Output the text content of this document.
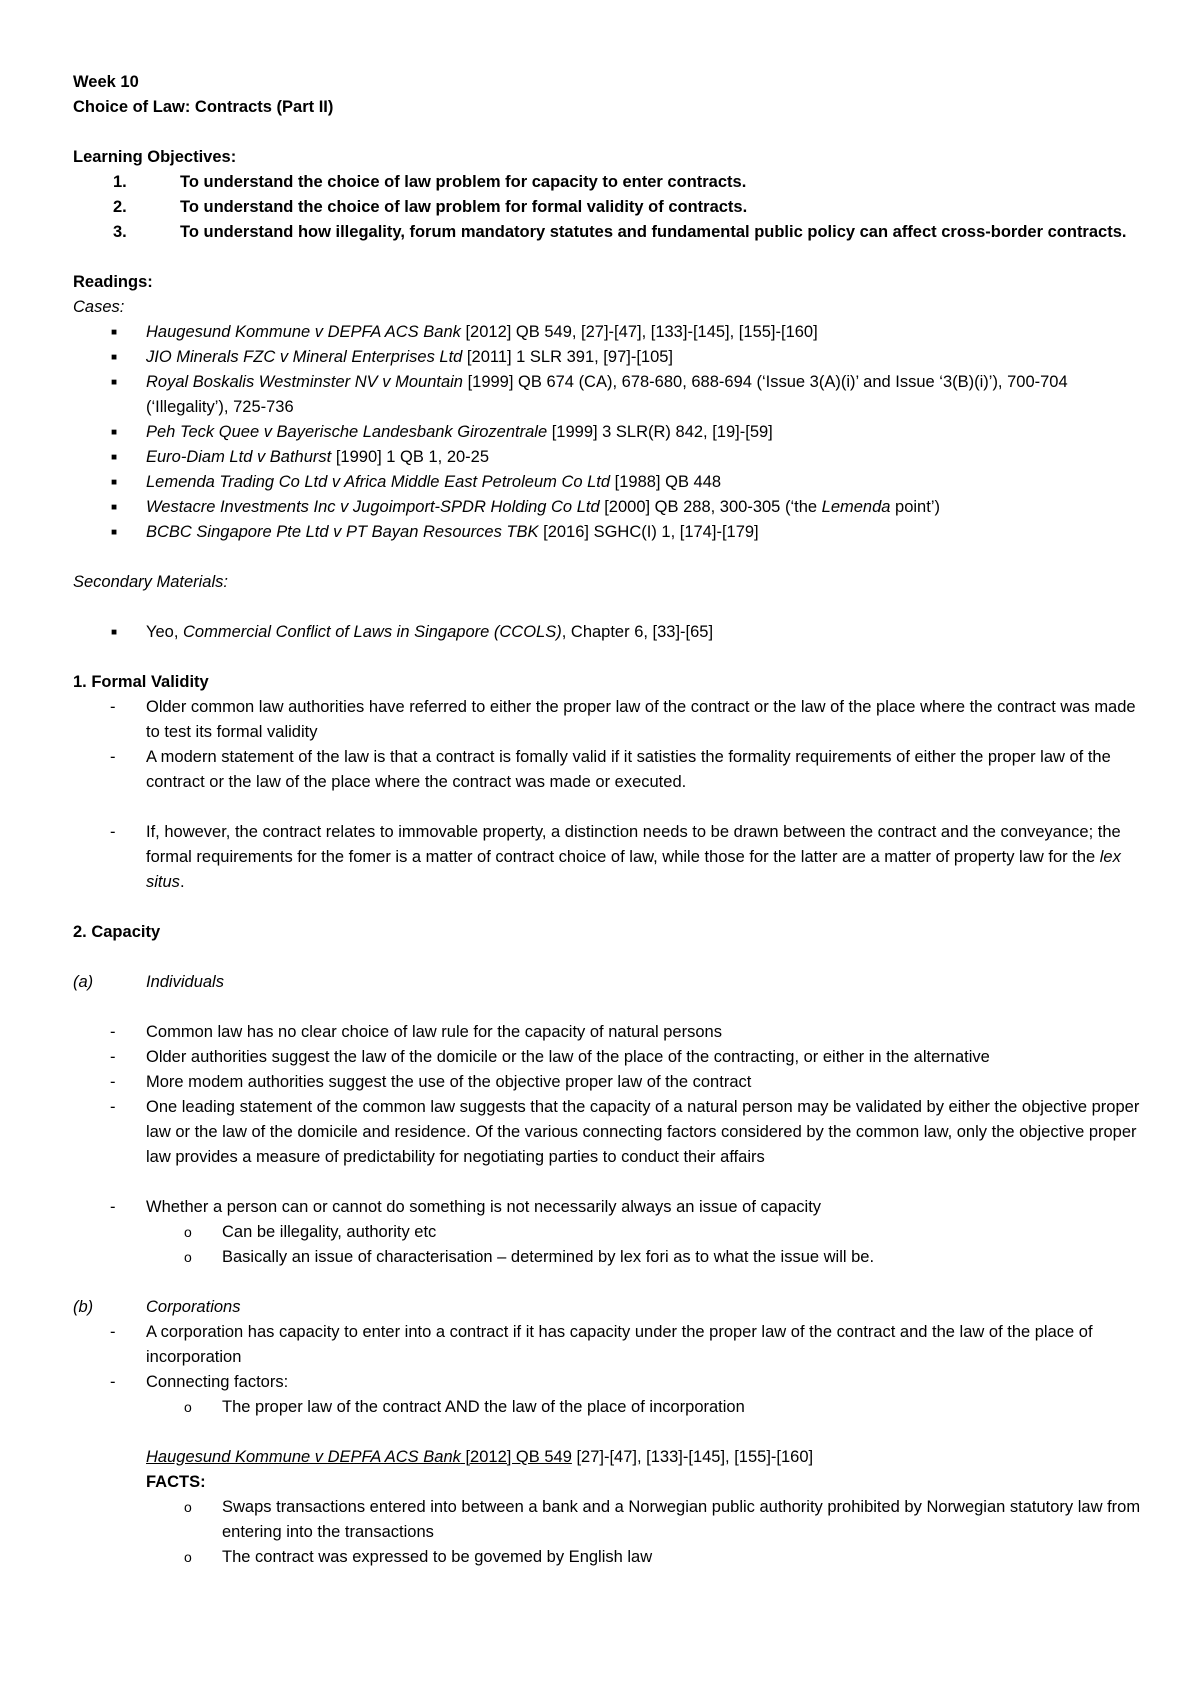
Week 10
Choice of Law: Contracts (Part II)
Learning Objectives:
1.	To understand the choice of law problem for capacity to enter contracts.
2.	To understand the choice of law problem for formal validity of contracts.
3.	To understand how illegality, forum mandatory statutes and fundamental public policy can affect cross-border contracts.
Readings:
Cases:
■	Haugesund Kommune v DEPFA ACS Bank [2012] QB 549, [27]-[47], [133]-[145], [155]-[160]
■	JIO Minerals FZC v Mineral Enterprises Ltd [2011] 1 SLR 391, [97]-[105]
■	Royal Boskalis Westminster NV v Mountain [1999] QB 674 (CA), 678-680, 688-694 (‘Issue 3(A)(i)’ and Issue ‘3(B)(i)’), 700-704 (‘Illegality’), 725-736
■	Peh Teck Quee v Bayerische Landesbank Girozentrale [1999] 3 SLR(R) 842, [19]-[59]
■	Euro-Diam Ltd v Bathurst [1990] 1 QB 1, 20-25
■	Lemenda Trading Co Ltd v Africa Middle East Petroleum Co Ltd [1988] QB 448
■	Westacre Investments Inc v Jugoimport-SPDR Holding Co Ltd [2000] QB 288, 300-305 (‘the Lemenda point’)
■	BCBC Singapore Pte Ltd v PT Bayan Resources TBK [2016] SGHC(I) 1, [174]-[179]
Secondary Materials:
■	Yeo, Commercial Conflict of Laws in Singapore (CCOLS), Chapter 6, [33]-[65]
1. Formal Validity
-	Older common law authorities have referred to either the proper law of the contract or the law of the place where the contract was made to test its formal validity
-	A modern statement of the law is that a contract is fomally valid if it satisties the formality requirements of either the proper law of the contract or the law of the place where the contract was made or executed.
-	If, however, the contract relates to immovable property, a distinction needs to be drawn between the contract and the conveyance; the formal requirements for the fomer is a matter of contract choice of law, while those for the latter are a matter of property law for the lex situs.
2. Capacity
(a)	Individuals
-	Common law has no clear choice of law rule for the capacity of natural persons
-	Older authorities suggest the law of the domicile or the law of the place of the contracting, or either in the alternative
-	More modem authorities suggest the use of the objective proper law of the contract
-	One leading statement of the common law suggests that the capacity of a natural person may be validated by either the objective proper law or the law of the domicile and residence. Of the various connecting factors considered by the common law, only the objective proper law provides a measure of predictability for negotiating parties to conduct their affairs
-	Whether a person can or cannot do something is not necessarily always an issue of capacity
o	Can be illegality, authority etc
o	Basically an issue of characterisation – determined by lex fori as to what the issue will be.
(b)	Corporations
-	A corporation has capacity to enter into a contract if it has capacity under the proper law of the contract and the law of the place of incorporation
-	Connecting factors:
o	The proper law of the contract AND the law of the place of incorporation
Haugesund Kommune v DEPFA ACS Bank [2012] QB 549 [27]-[47], [133]-[145], [155]-[160]
FACTS:
o	Swaps transactions entered into between a bank and a Norwegian public authority prohibited by Norwegian statutory law from entering into the transactions
o	The contract was expressed to be govemed by English law
